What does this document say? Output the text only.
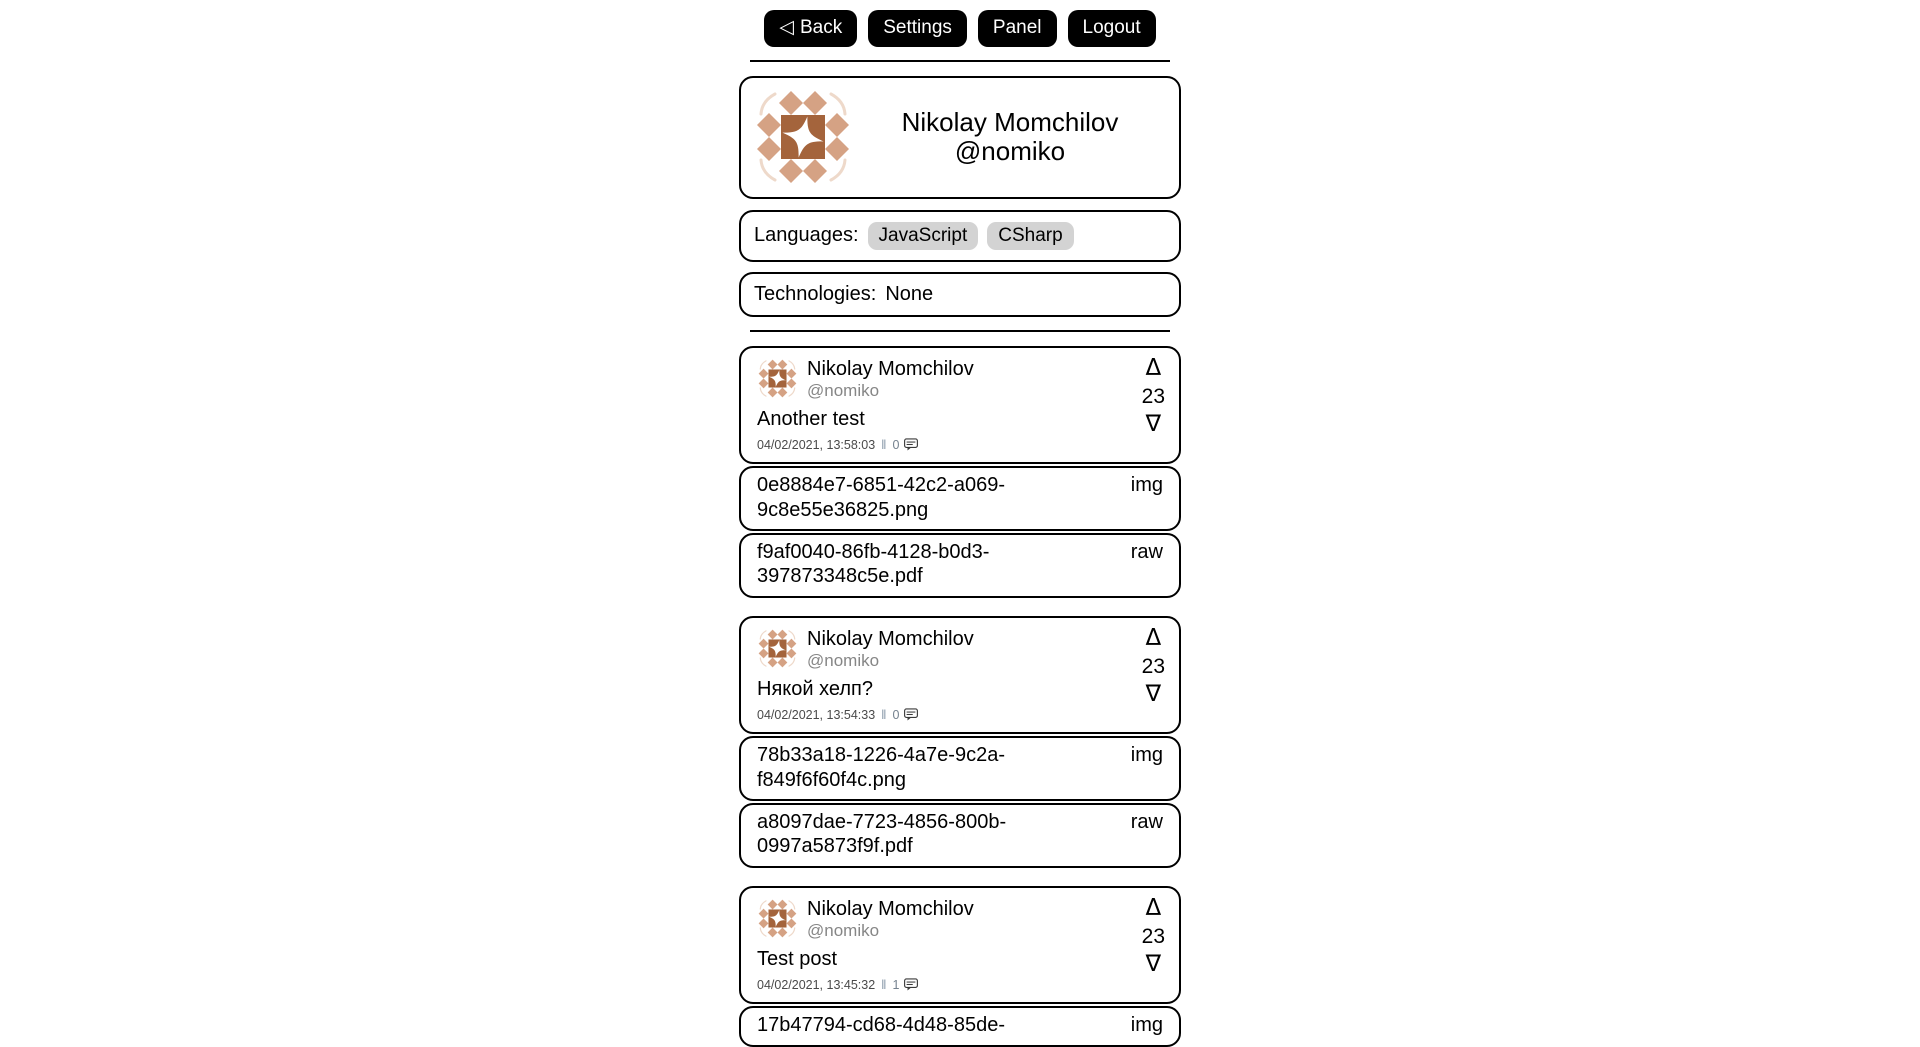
◁ Back	Settings	Panel	Logout
Nikolay Momchilov
@nomiko
Languages:	JavaScript	CSharp
Technologies: None
Nikolay Momchilov
@nomiko
Another test
04/02/2021, 13:58:03 ‖ 0
Δ
23
∇
0e8884e7-6851-42c2-a069-9c8e55e36825.png
img
f9af0040-86fb-4128-b0d3-397873348c5e.pdf
raw
Nikolay Momchilov
@nomiko
Някой хелп?
04/02/2021, 13:54:33 ‖ 0
Δ
23
∇
78b33a18-1226-4a7e-9c2a-f849f6f60f4c.png
img
a8097dae-7723-4856-800b-0997a5873f9f.pdf
raw
Nikolay Momchilov
@nomiko
Test post
04/02/2021, 13:45:32 ‖ 1
Δ
23
∇
17b47794-cd68-4d48-85de-	img
